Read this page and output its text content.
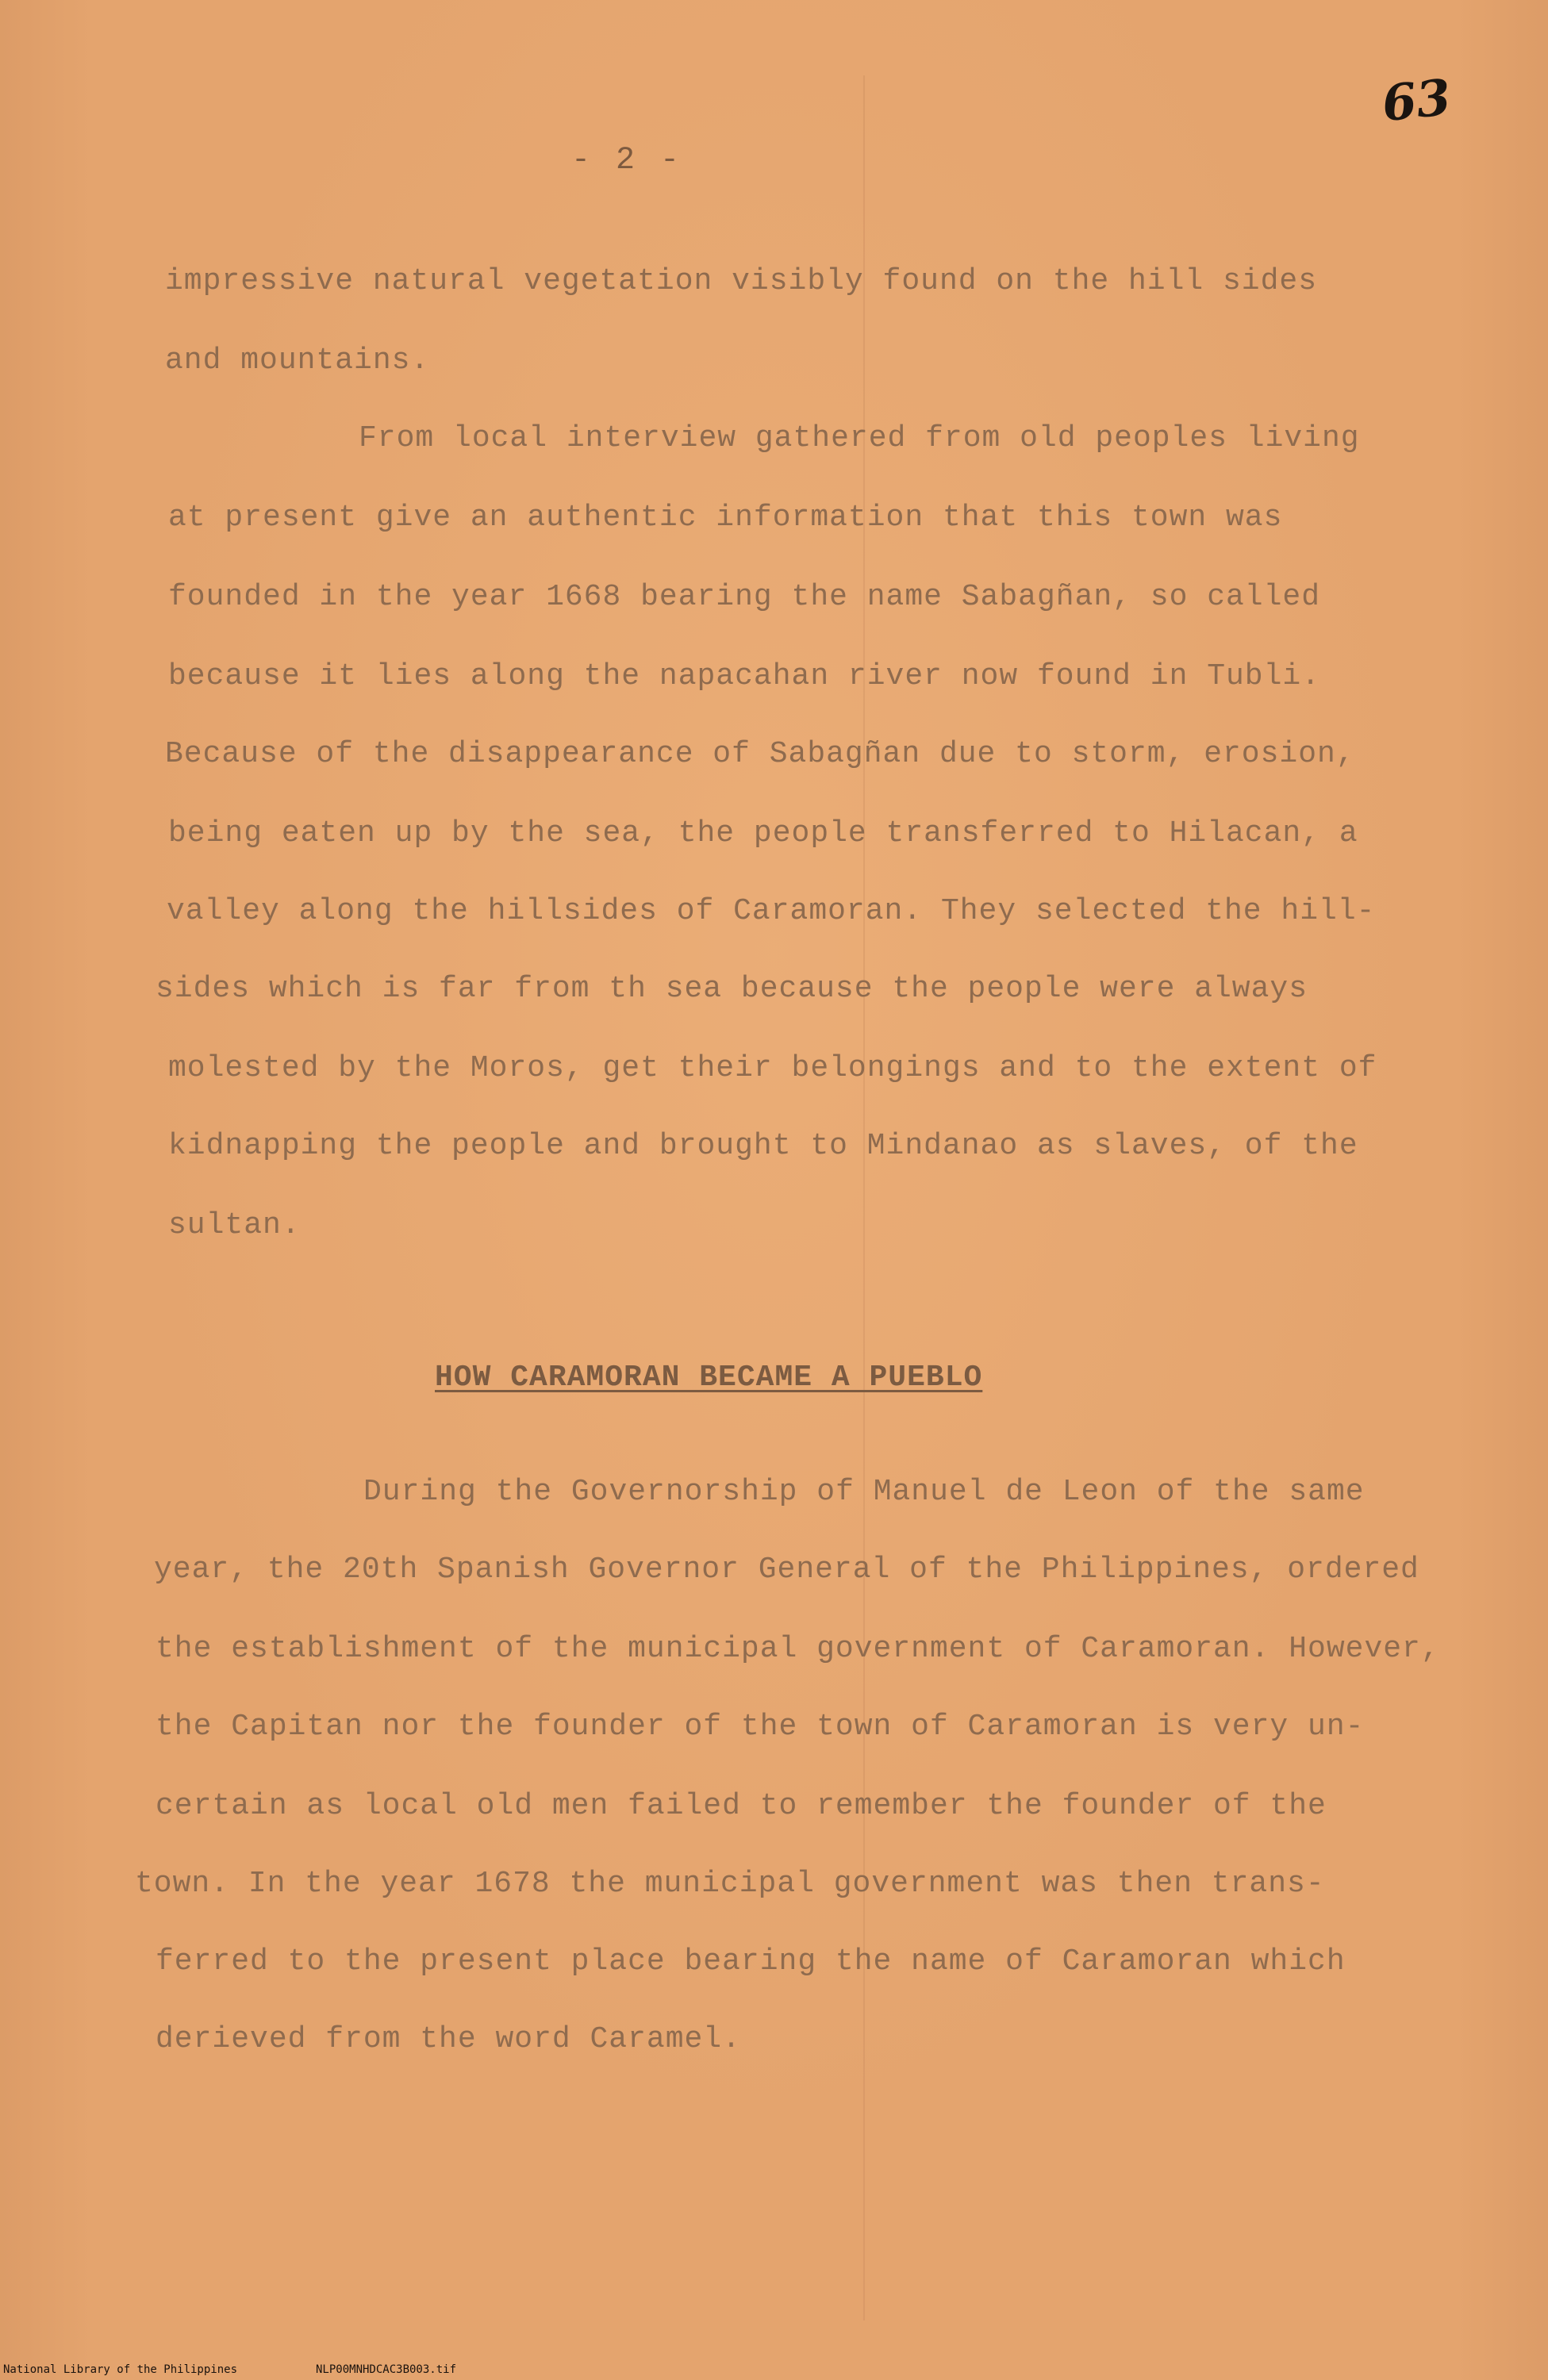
- 2 -
63

impressive natural vegetation visibly found on the hill sides

and mountains.

From local interview gathered from old peoples living

at present give an authentic information that this town was

founded in the year 1668 bearing the name Sabagñan, so called

because it lies along the napacahan river now found in Tubli.

Because of the disappearance of Sabagñan due to storm, erosion,

being eaten up by the sea, the people transferred to Hilacan, a

valley along the hillsides of Caramoran. They selected the hill-

sides which is far from th sea because the people were always

molested by the Moros, get their belongings and to the extent of

kidnapping the people and brought to Mindanao as slaves, of the

sultan.

HOW CARAMORAN BECAME A PUEBLO

During the Governorship of Manuel de Leon of the same

year, the 20th Spanish Governor General of the Philippines, ordered

the establishment of the municipal government of Caramoran. However,

the Capitan nor the founder of the town of Caramoran is very un-

certain as local old men failed to remember the founder of the

town. In the year 1678 the municipal government was then trans-

ferred to the present place bearing the name of Caramoran which

derieved from the word Caramel.

National Library of the Philippines	NLP00MNHDCAC3B003.tif
